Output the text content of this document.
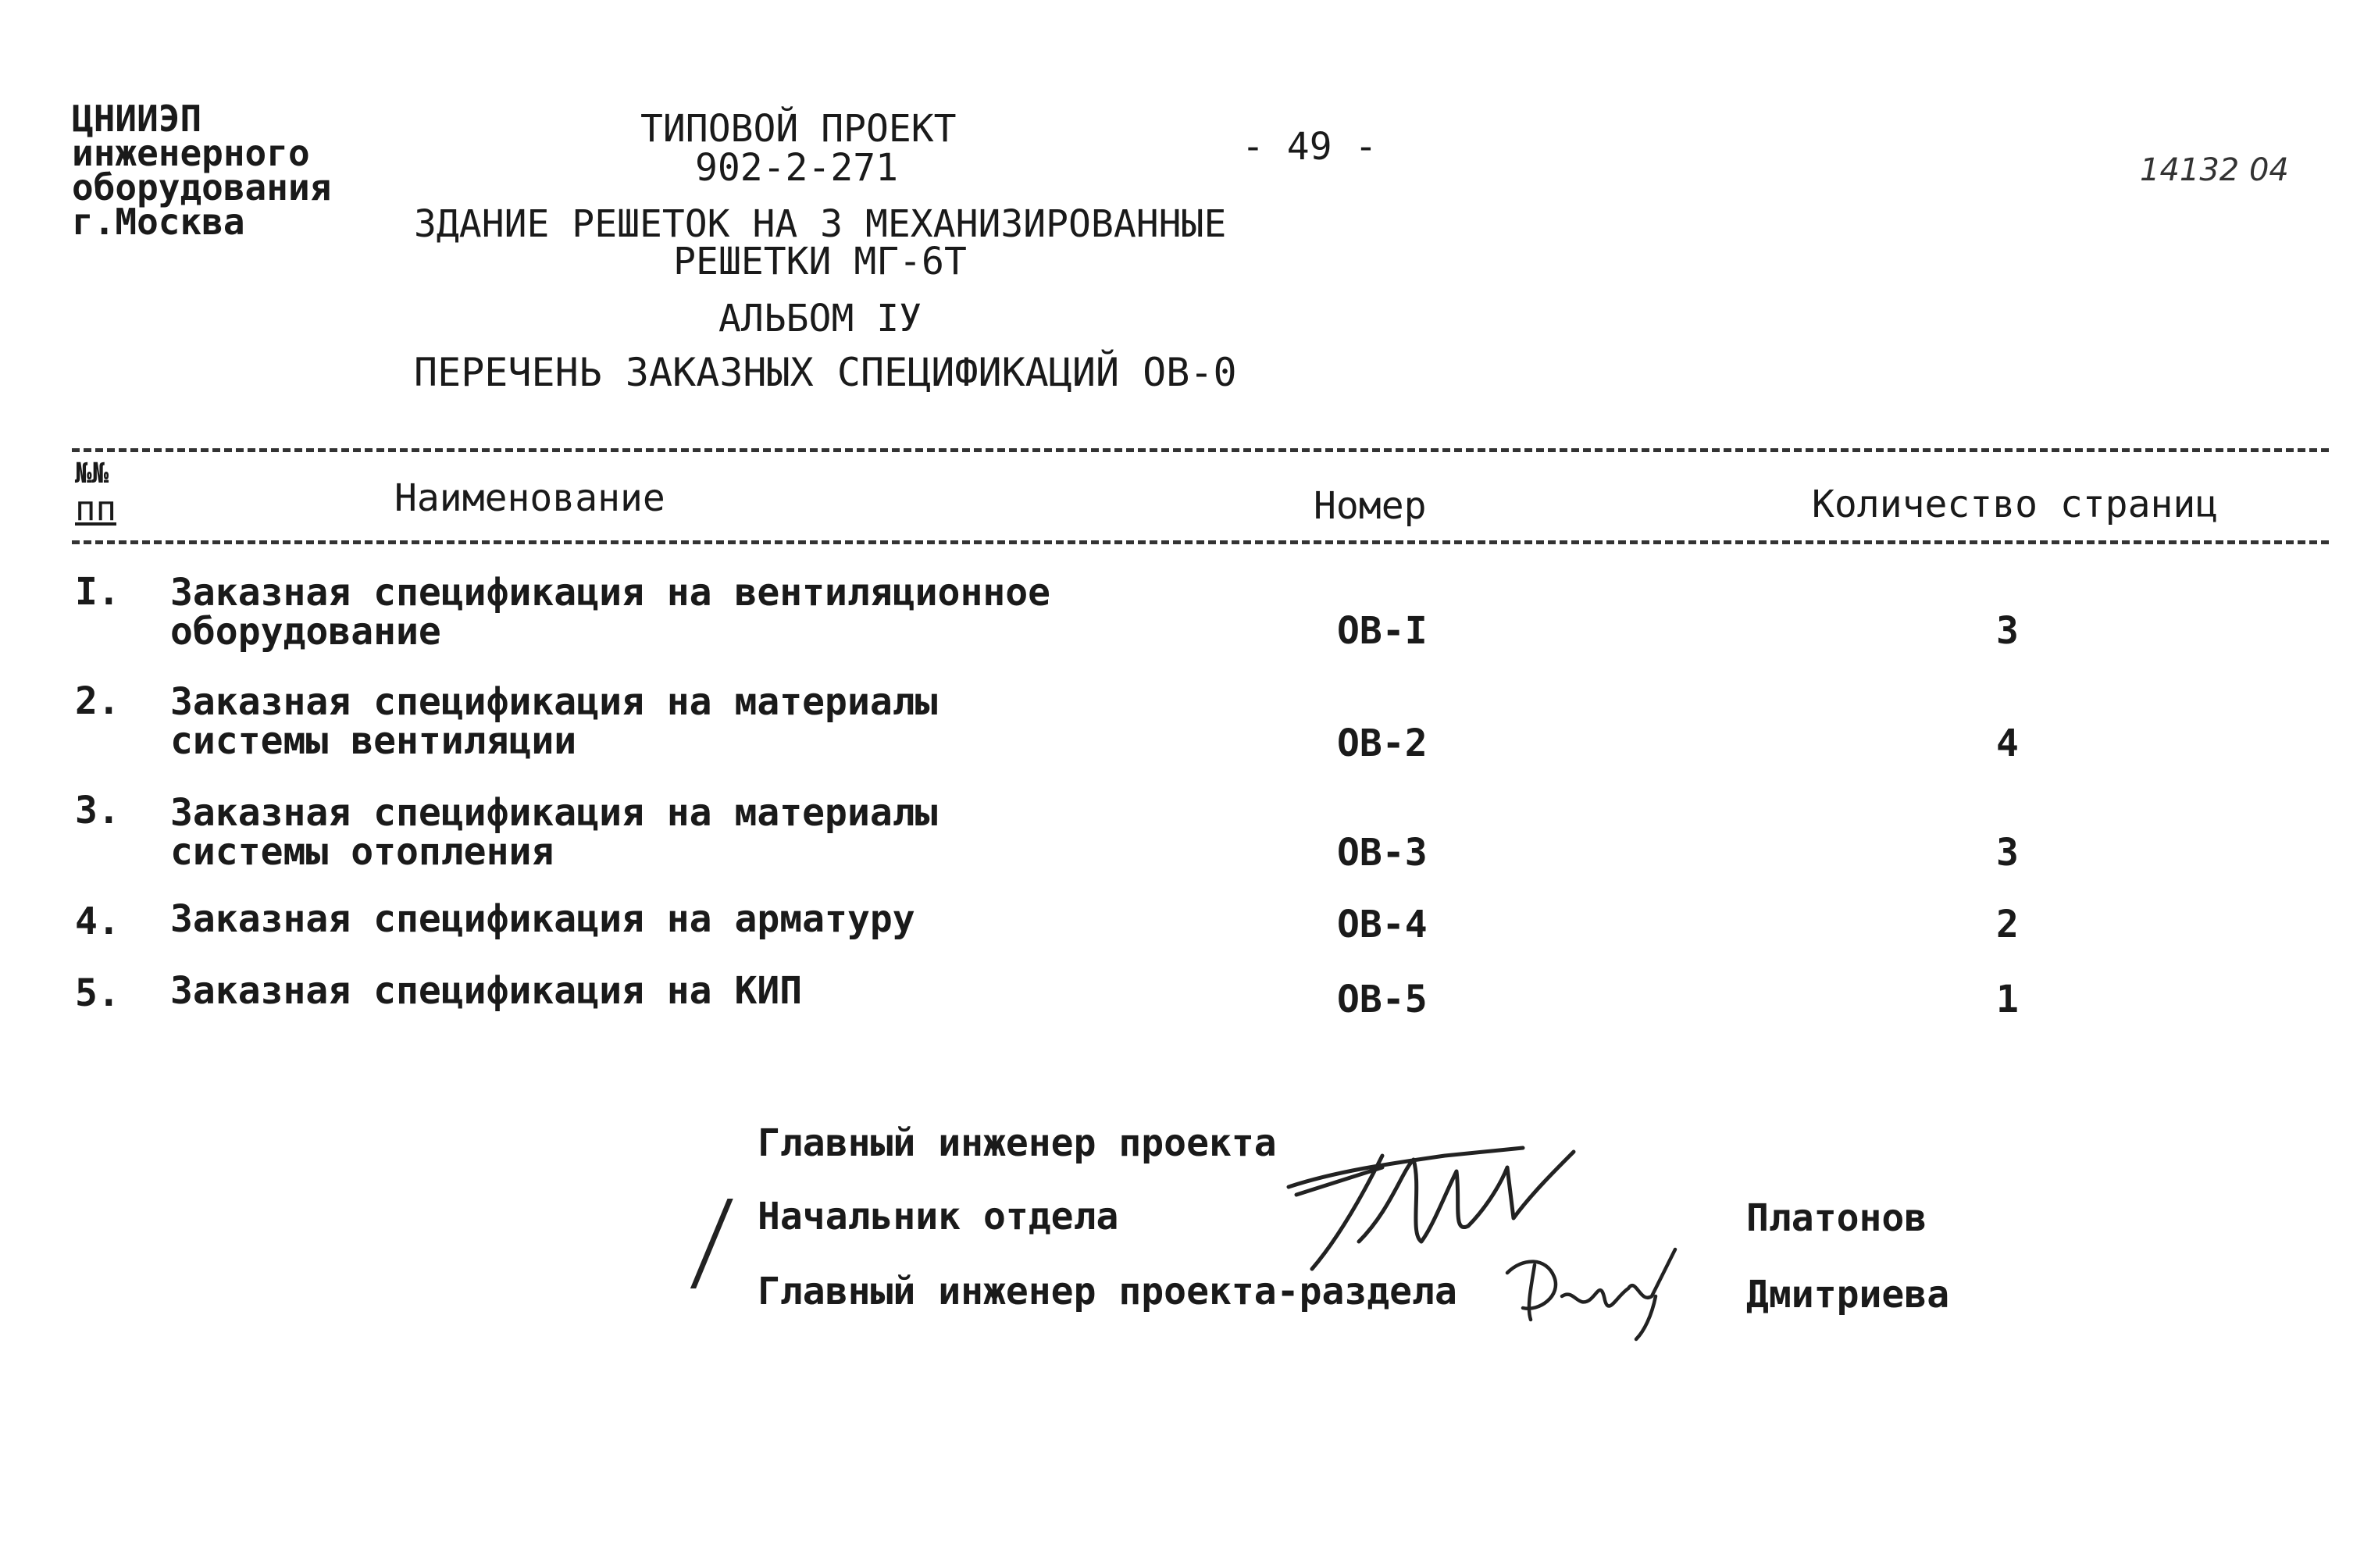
ЦНИИЭП
инженерного
оборудования
г.Москва
ТИПОВОЙ ПРОЕКТ
902-2-271	- 49 -
14132 04
ЗДАНИЕ РЕШЕТОК НА 3 МЕХАНИЗИРОВАННЫЕ
РЕШЕТКИ МГ-6Т
АЛЬБОМ IУ
ПЕРЕЧЕНЬ ЗАКАЗНЫХ СПЕЦИФИКАЦИЙ ОВ-0
№№
пп	Наименование	Номер	Количество страниц
I. Заказная спецификация на вентиляционное
оборудование	ОВ-I	3
2. Заказная спецификация на материалы
системы вентиляции	ОВ-2	4
3. Заказная спецификация на материалы
системы отопления	ОВ-3	3
4. Заказная спецификация на арматуру	ОВ-4	2
5. Заказная спецификация на КИП	ОВ-5	1
Главный инженер проекта
/ Начальник отдела
Главный инженер проекта-раздела
Платонов
Дмитриева
